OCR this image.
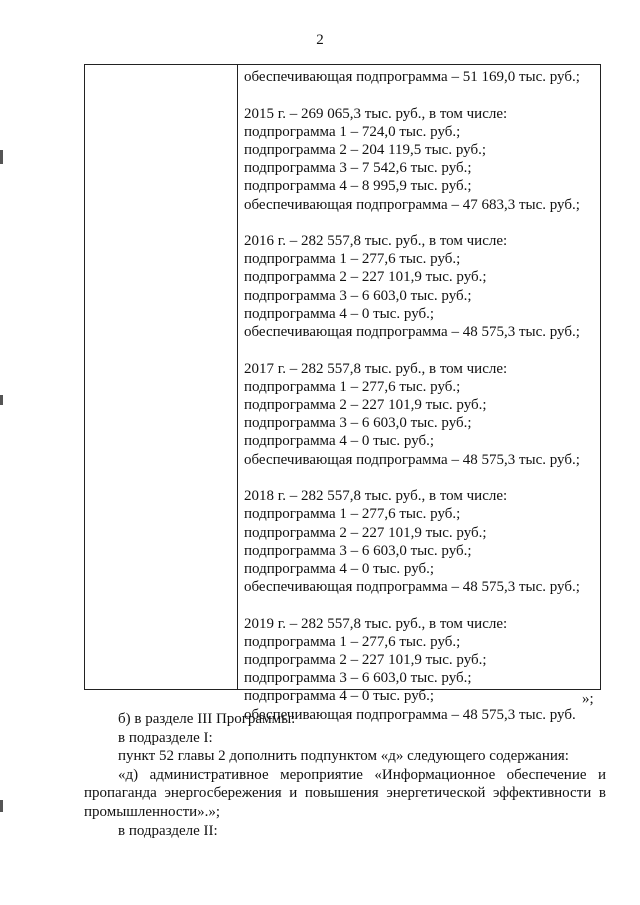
2
обеспечивающая подпрограмма – 51 169,0 тыс. руб.;
2015 г. – 269 065,3 тыс. руб., в том числе:
подпрограмма 1 – 724,0 тыс. руб.;
подпрограмма 2 – 204 119,5 тыс. руб.;
подпрограмма 3 – 7 542,6 тыс. руб.;
подпрограмма 4 – 8 995,9 тыс. руб.;
обеспечивающая подпрограмма – 47 683,3 тыс. руб.;
2016 г. – 282 557,8 тыс. руб., в том числе:
подпрограмма 1 – 277,6 тыс. руб.;
подпрограмма 2 – 227 101,9 тыс. руб.;
подпрограмма 3 – 6 603,0 тыс. руб.;
подпрограмма 4 – 0 тыс. руб.;
обеспечивающая подпрограмма – 48 575,3 тыс. руб.;
2017 г. – 282 557,8 тыс. руб., в том числе:
подпрограмма 1 – 277,6 тыс. руб.;
подпрограмма 2 – 227 101,9 тыс. руб.;
подпрограмма 3 – 6 603,0 тыс. руб.;
подпрограмма 4 – 0 тыс. руб.;
обеспечивающая подпрограмма – 48 575,3 тыс. руб.;
2018 г. – 282 557,8 тыс. руб., в том числе:
подпрограмма 1 – 277,6 тыс. руб.;
подпрограмма 2 – 227 101,9 тыс. руб.;
подпрограмма 3 – 6 603,0 тыс. руб.;
подпрограмма 4 – 0 тыс. руб.;
обеспечивающая подпрограмма – 48 575,3 тыс. руб.;
2019 г. – 282 557,8 тыс. руб., в том числе:
подпрограмма 1 – 277,6 тыс. руб.;
подпрограмма 2 – 227 101,9 тыс. руб.;
подпрограмма 3 – 6 603,0 тыс. руб.;
подпрограмма 4 – 0 тыс. руб.;
обеспечивающая подпрограмма – 48 575,3 тыс. руб.
»;

б) в разделе III Программы:

в подразделе I:

пункт 52 главы 2 дополнить подпунктом «д» следующего содержания:

«д) административное мероприятие «Информационное обеспечение и пропаганда энергосбережения и повышения энергетической эффективности в промышленности».»;

в подразделе II:
